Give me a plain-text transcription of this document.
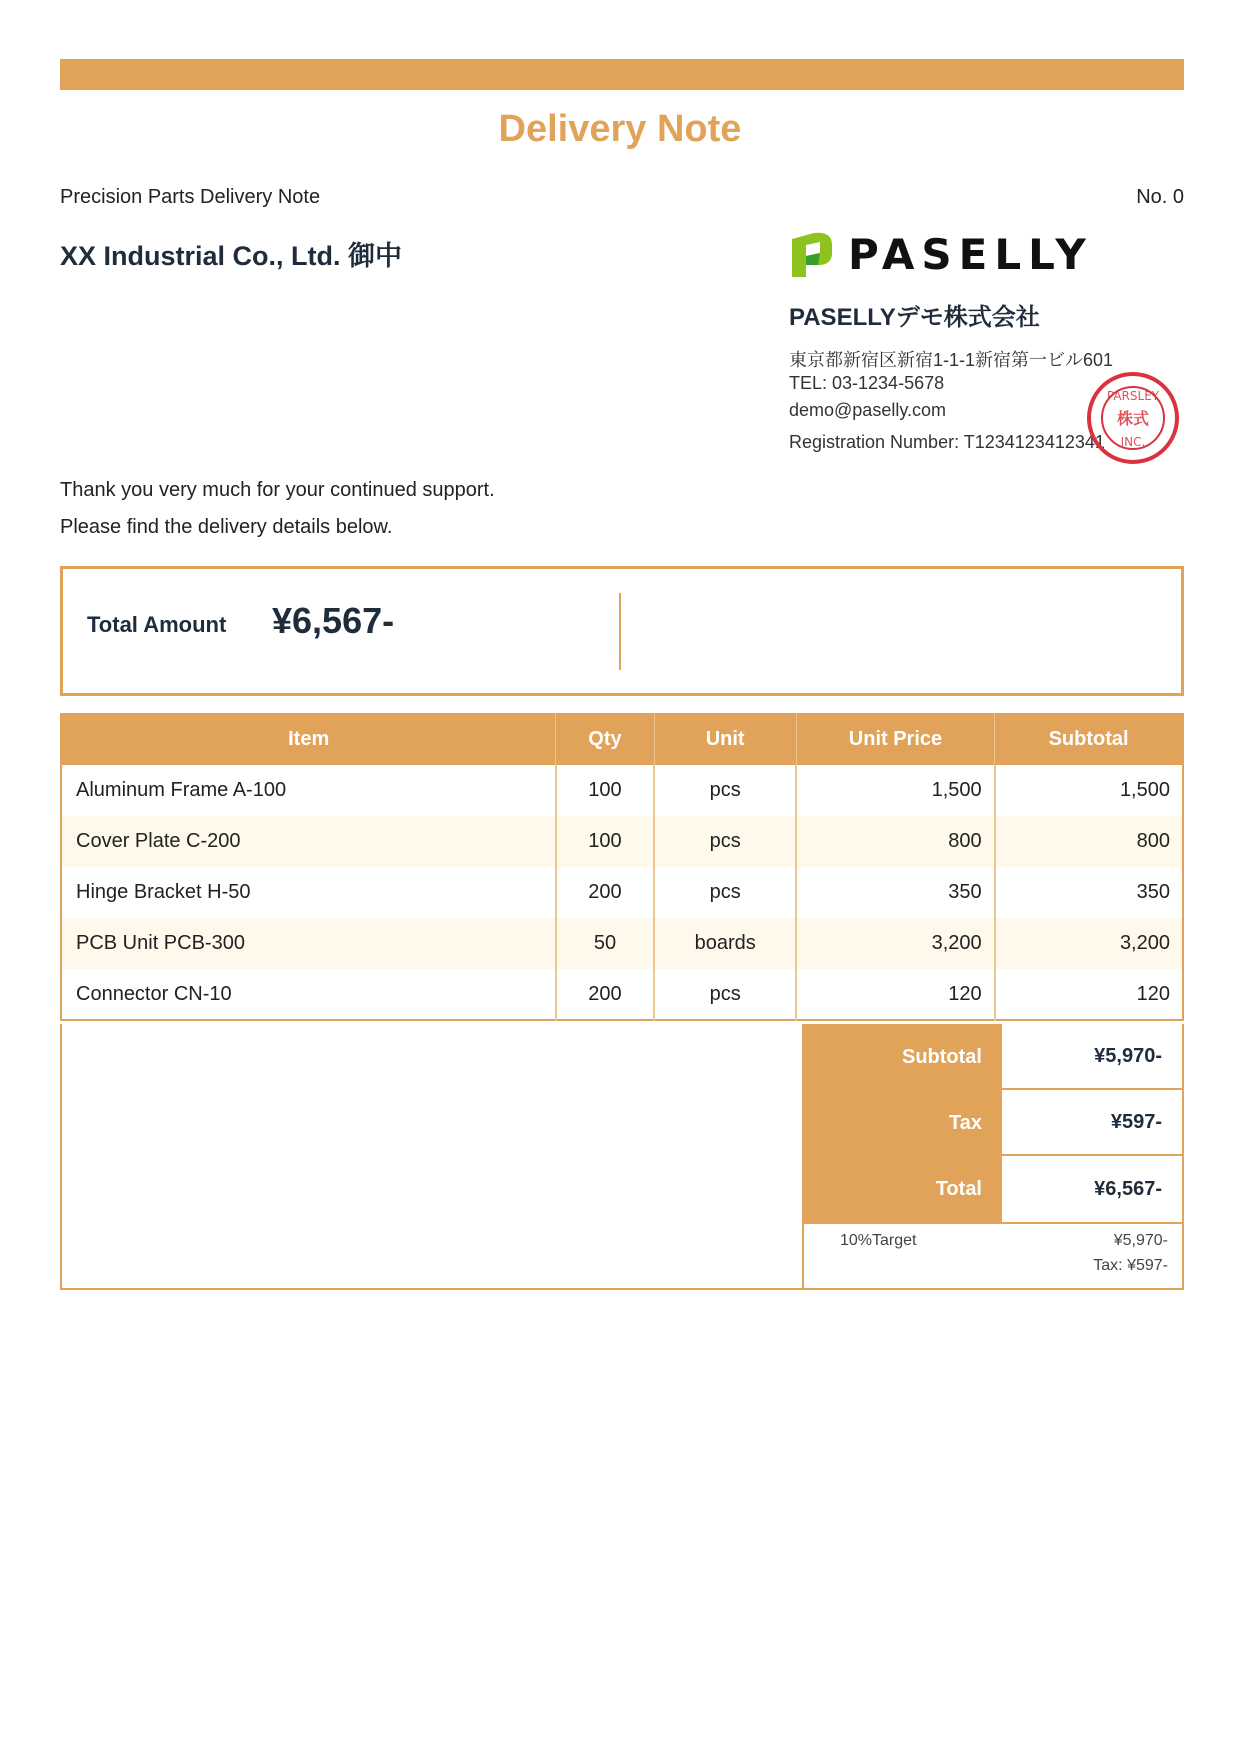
Delivery Note
Precision Parts Delivery Note	No. 0
XX Industrial Co., Ltd. 御中	PASELLY
PASELLYデモ株式会社
東京都新宿区新宿1-1-1新宿第一ビル601
TEL: 03-1234-5678
demo@paselly.com
Registration Number: T1234123412341
PARSLEY
株式
INC.
Thank you very much for your continued support.
Please find the delivery details below.
Total Amount ¥6,567-
Item	Qty	Unit	Unit Price	Subtotal
Aluminum Frame A-100	100	pcs	1,500	1,500
Cover Plate C-200	100	pcs	800	800
Hinge Bracket H-50	200	pcs	350	350
PCB Unit PCB-300	50	boards	3,200	3,200
Connector CN-10	200	pcs	120	120
Subtotal	¥5,970-
Tax	¥597-
Total	¥6,567-
10%Target	¥5,970-
Tax: ¥597-
